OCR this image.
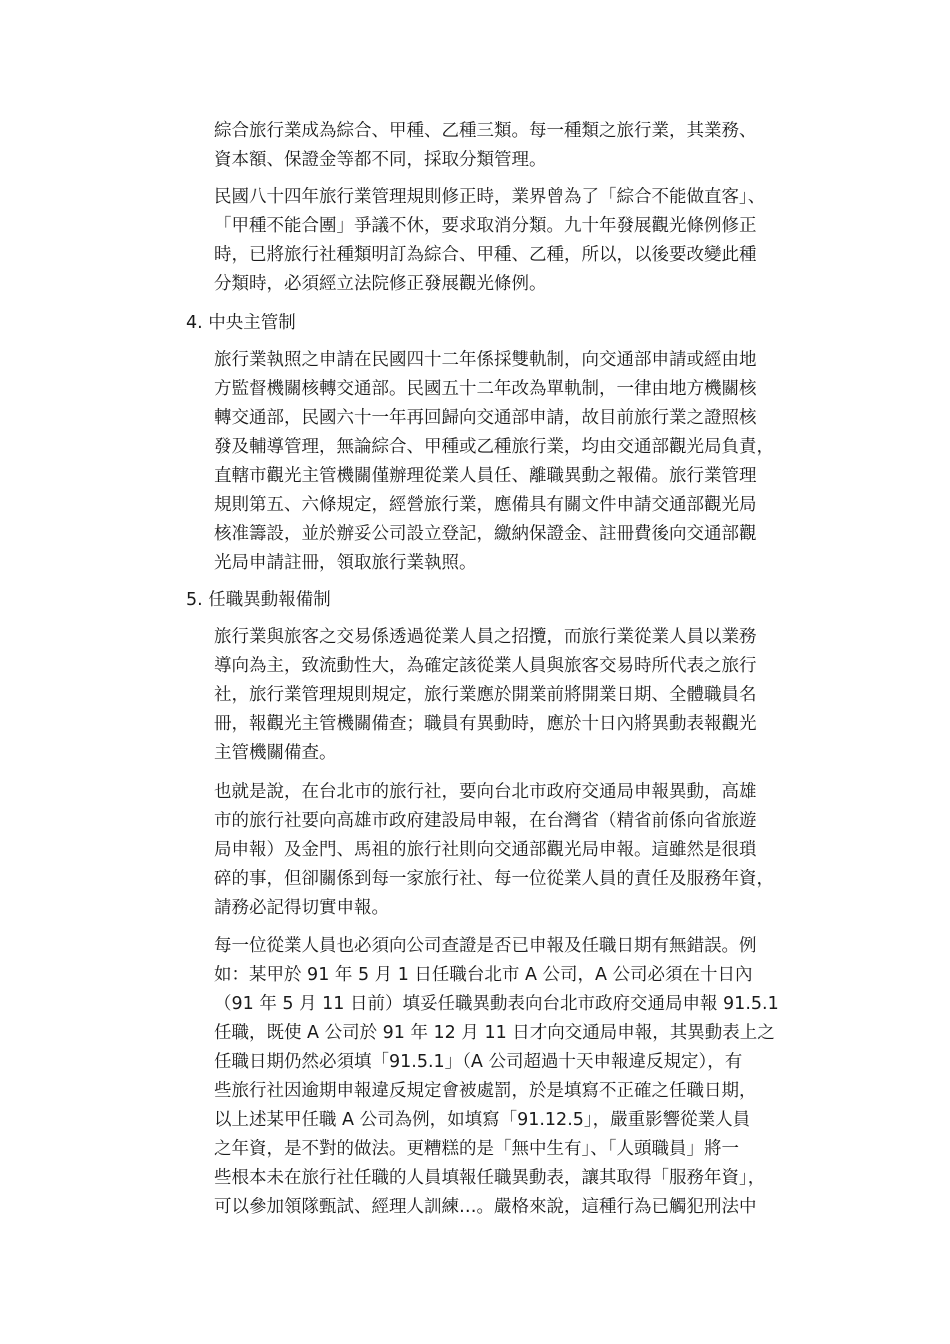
綜合旅行業成為綜合、甲種、乙種三類。每一種類之旅行業，其業務、
資本額、保證金等都不同，採取分類管理。
民國八十四年旅行業管理規則修正時，業界曾為了「綜合不能做直客」、
「甲種不能合團」爭議不休，要求取消分類。九十年發展觀光條例修正
時，已將旅行社種類明訂為綜合、甲種、乙種，所以，以後要改變此種
分類時，必須經立法院修正發展觀光條例。
4. 中央主管制
旅行業執照之申請在民國四十二年係採雙軌制，向交通部申請或經由地
方監督機關核轉交通部。民國五十二年改為單軌制，一律由地方機關核
轉交通部，民國六十一年再回歸向交通部申請，故目前旅行業之證照核
發及輔導管理，無論綜合、甲種或乙種旅行業，均由交通部觀光局負責，
直轄市觀光主管機關僅辦理從業人員任、離職異動之報備。旅行業管理
規則第五、六條規定，經營旅行業，應備具有關文件申請交通部觀光局
核准籌設，並於辦妥公司設立登記，繳納保證金、註冊費後向交通部觀
光局申請註冊，領取旅行業執照。
5. 任職異動報備制
旅行業與旅客之交易係透過從業人員之招攬，而旅行業從業人員以業務
導向為主，致流動性大，為確定該從業人員與旅客交易時所代表之旅行
社，旅行業管理規則規定，旅行業應於開業前將開業日期、全體職員名
冊，報觀光主管機關備查；職員有異動時，應於十日內將異動表報觀光
主管機關備查。
也就是說，在台北市的旅行社，要向台北市政府交通局申報異動，高雄
市的旅行社要向高雄市政府建設局申報，在台灣省（精省前係向省旅遊
局申報）及金門、馬祖的旅行社則向交通部觀光局申報。這雖然是很瑣
碎的事，但卻關係到每一家旅行社、每一位從業人員的責任及服務年資，
請務必記得切實申報。
每一位從業人員也必須向公司查證是否已申報及任職日期有無錯誤。例
如：某甲於 91 年 5 月 1 日任職台北市 A 公司，A 公司必須在十日內
（91 年 5 月 11 日前）填妥任職異動表向台北市政府交通局申報 91.5.1
任職，既使 A 公司於 91 年 12 月 11 日才向交通局申報，其異動表上之
任職日期仍然必須填「91.5.1」（A 公司超過十天申報違反規定），有
些旅行社因逾期申報違反規定會被處罰，於是填寫不正確之任職日期，
以上述某甲任職 A 公司為例，如填寫「91.12.5」，嚴重影響從業人員
之年資，是不對的做法。更糟糕的是「無中生有」、「人頭職員」將一
些根本未在旅行社任職的人員填報任職異動表，讓其取得「服務年資」，
可以參加領隊甄試、經理人訓練…。嚴格來說，這種行為已觸犯刑法中
